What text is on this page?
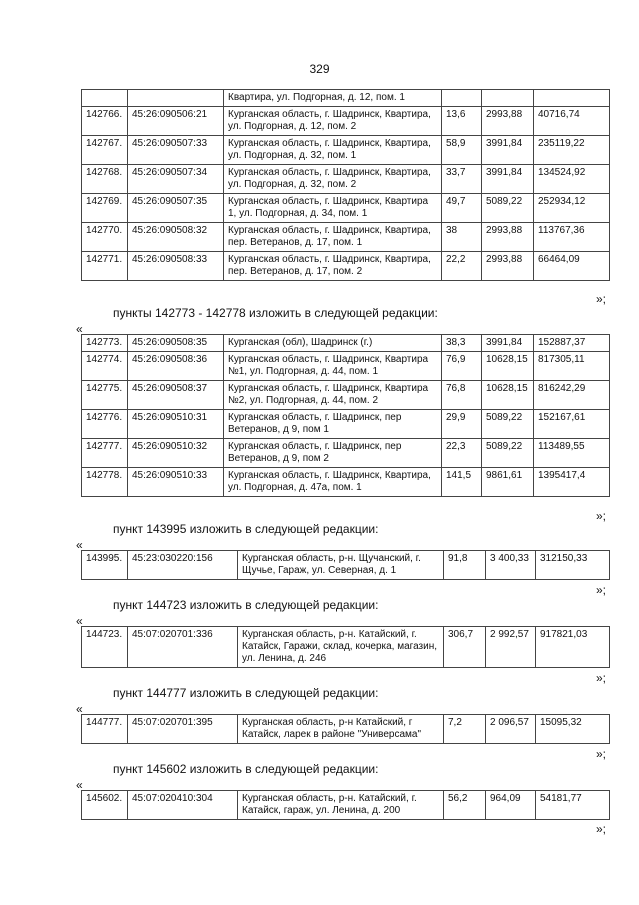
329
		Квартира, ул. Подгорная, д. 12, пом. 1			
142766.	45:26:090506:21	Курганская область, г. Шадринск, Квартира, ул. Подгорная, д. 12, пом. 2	13,6	2993,88	40716,74
142767.	45:26:090507:33	Курганская область, г. Шадринск, Квартира, ул. Подгорная, д. 32, пом. 1	58,9	3991,84	235119,22
142768.	45:26:090507:34	Курганская область, г. Шадринск, Квартира, ул. Подгорная, д. 32, пом. 2	33,7	3991,84	134524,92
142769.	45:26:090507:35	Курганская область, г. Шадринск, Квартира 1, ул. Подгорная, д. 34, пом. 1	49,7	5089,22	252934,12
142770.	45:26:090508:32	Курганская область, г. Шадринск, Квартира, пер. Ветеранов, д. 17, пом. 1	38	2993,88	113767,36
142771.	45:26:090508:33	Курганская область, г. Шадринск, Квартира, пер. Ветеранов, д. 17, пом. 2	22,2	2993,88	66464,09
»;
пункты 142773 - 142778 изложить в следующей редакции:
«
142773.	45:26:090508:35	Курганская (обл), Шадринск (г.)	38,3	3991,84	152887,37
142774.	45:26:090508:36	Курганская область, г. Шадринск, Квартира №1, ул. Подгорная, д. 44, пом. 1	76,9	10628,15	817305,11
142775.	45:26:090508:37	Курганская область, г. Шадринск, Квартира №2, ул. Подгорная, д. 44, пом. 2	76,8	10628,15	816242,29
142776.	45:26:090510:31	Курганская область, г. Шадринск, пер Ветеранов, д 9, пом 1	29,9	5089,22	152167,61
142777.	45:26:090510:32	Курганская область, г. Шадринск, пер Ветеранов, д 9, пом 2	22,3	5089,22	113489,55
142778.	45:26:090510:33	Курганская область, г. Шадринск, Квартира, ул. Подгорная, д. 47а, пом. 1	141,5	9861,61	1395417,4
»;
пункт 143995 изложить в следующей редакции:
«
143995.	45:23:030220:156	Курганская область, р-н. Щучанский, г. Щучье, Гараж, ул. Северная, д. 1	91,8	3 400,33	312150,33
»;
пункт 144723 изложить в следующей редакции:
«
144723.	45:07:020701:336	Курганская область, р-н. Катайский, г. Катайск, Гаражи, склад, кочерка, магазин, ул. Ленина, д. 246	306,7	2 992,57	917821,03
»;
пункт 144777 изложить в следующей редакции:
«
144777.	45:07:020701:395	Курганская область, р-н Катайский, г Катайск, ларек в районе "Универсама"	7,2	2 096,57	15095,32
»;
пункт 145602 изложить в следующей редакции:
«
145602.	45:07:020410:304	Курганская область, р-н. Катайский, г. Катайск, гараж, ул. Ленина, д. 200	56,2	964,09	54181,77
»;
